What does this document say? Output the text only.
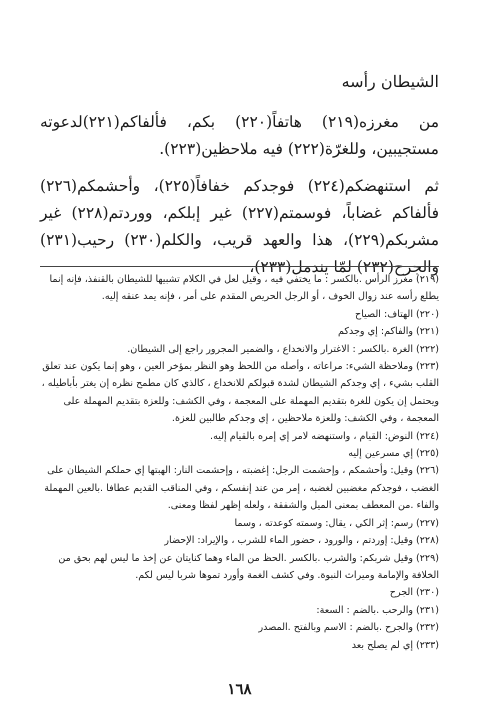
الشيطان رأسه

من مغرزه(٢١٩) هاتفاً(٢٢٠) بكم، فألفاكم(٢٢١)لدعوته مستجيبين، وللغرّة(٢٢٢) فيه ملاحظين(٢٢٣).

ثم استنهضكم(٢٢٤) فوجدكم خفافاً(٢٢٥)، وأحشمكم(٢٢٦) فألفاكم غضاباً، فوسمتم(٢٢٧) غير إبلكم، ووردتم(٢٢٨) غير مشربكم(٢٢٩)، هذا والعهد قريب، والكلم(٢٣٠) رحيب(٢٣١) والجرح(٢٣٢) لمّا يندمل(٢٣٣)،

(٢١٩)مغرز الرأس .بالكسر : ما يختفي فيه ، وقيل لعل في الكلام تشبيها للشيطان بالقنفذ، فإنه إنما يطلع رأسه عند زوال الخوف ، أو الرجل الحريص المقدم على أمر ، فإنه يمد عنقه إليه.

(٢٢٠)الهتاف: الصياح

(٢٢١)والفاكم: إي وجدكم

(٢٢٢)الغرة .بالكسر : الاغترار والانخداع ، والضمير المجرور راجع إلى الشيطان.

(٢٢٣)وملاحظة الشيء: مراعاته ، وأصله من اللحظ وهو النظر بمؤخر العين ، وهو إنما يكون عند تعلق القلب بشيء ، إي وجدكم الشيطان لشدة قبولكم للانخداع ، كالذي كان مطمح نظره إن يغتر بأباطيله ، ويحتمل إن يكون للغرة بتقديم المهملة على المعجمة ، وفي الكشف: وللعزة بتقديم المهملة على المعجمة ، وفي الكشف: وللعزة ملاحظين ، إي وجدكم طالبين للعزة.

(٢٢٤)النوض: القيام ، واستنهضه لامر إي إمره بالقيام إليه.

(٢٢٥)إي مسرعين إليه

(٢٢٦)وقيل: وأحشمكم ، وإحشمت الرجل: إغضبته ، وإحشمت النار: الهبتها إي حملكم الشيطان على الغضب ، فوجدكم مغضبين لغضبه ، إمر من عند إنفسكم ، وفي المناقب القديم عطافا .بالعين المهملة والفاء .من المعطف بمعنى الميل والشفقة ، ولعله إظهر لفظا ومعنى.

(٢٢٧)رسم: إثر الكي ، يقال: وسمته كوعدته ، وسما

(٢٢٨)وقيل: إوردتم ، والورود ، حضور الماء للشرب ، والإيراد: الإحضار

(٢٢٩)وقيل شربكم: والشرب .بالكسر .الحظ من الماء وهما كنايتان عن إخذ ما ليس لهم بحق من الخلافة والإمامة وميراث النبوة. وفي كشف الغمة وأورد تموها شربا ليس لكم.

(٢٣٠)الجرح

(٢٣١)والرحب .بالضم : السعة:

(٢٣٢)والجرح .بالضم : الاسم وبالفتح .المصدر

(٢٣٣)إي لم يصلح بعد

١٦٨
